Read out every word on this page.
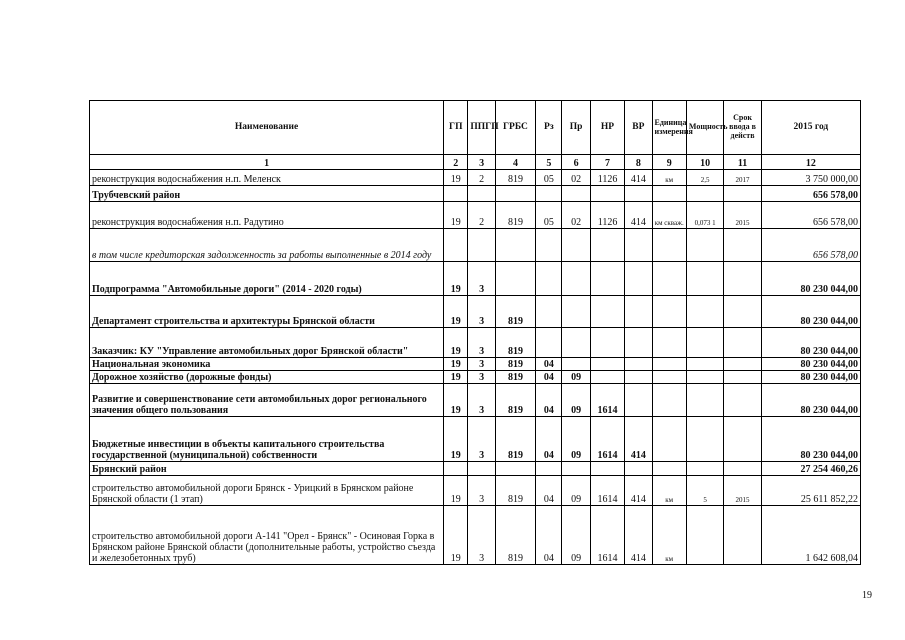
Наименование	ГП	ППГП	ГРБС	Рз	Пр	НР	ВР	Единица измерения	Мощность	Срок ввода в действ	2015 год
1	2	3	4	5	6	7	8	9	10	11	12
реконструкция водоснабжения н.п. Меленск	19	2	819	05	02	1126	414	км	2,5	2017	3 750 000,00
Трубчевский район											656 578,00
реконструкция водоснабжения н.п. Радутино	19	2	819	05	02	1126	414	км скваж.	0,073 1	2015	656 578,00
в том числе кредиторская задолженность за работы выполненные в 2014 году											656 578,00
Подпрограмма "Автомобильные дороги" (2014 - 2020 годы)	19	3									80 230 044,00
Департамент строительства и архитектуры Брянской области	19	3	819								80 230 044,00
Заказчик: КУ "Управление автомобильных дорог Брянской области"	19	3	819								80 230 044,00
Национальная экономика	19	3	819	04							80 230 044,00
Дорожное хозяйство (дорожные фонды)	19	3	819	04	09						80 230 044,00
Развитие и совершенствование сети автомобильных дорог регионального значения общего пользования	19	3	819	04	09	1614					80 230 044,00
Бюджетные инвестиции в объекты капитального строительства государственной (муниципальной) собственности	19	3	819	04	09	1614	414				80 230 044,00
Брянский район											27 254 460,26
строительство автомобильной дороги Брянск - Урицкий в Брянском районе Брянской области (1 этап)	19	3	819	04	09	1614	414	км	5	2015	25 611 852,22
строительство автомобильной дороги А-141 "Орел - Брянск" - Осиновая Горка в Брянском районе Брянской области (дополнительные работы, устройство съезда и железобетонных труб)	19	3	819	04	09	1614	414	км			1 642 608,04
19
